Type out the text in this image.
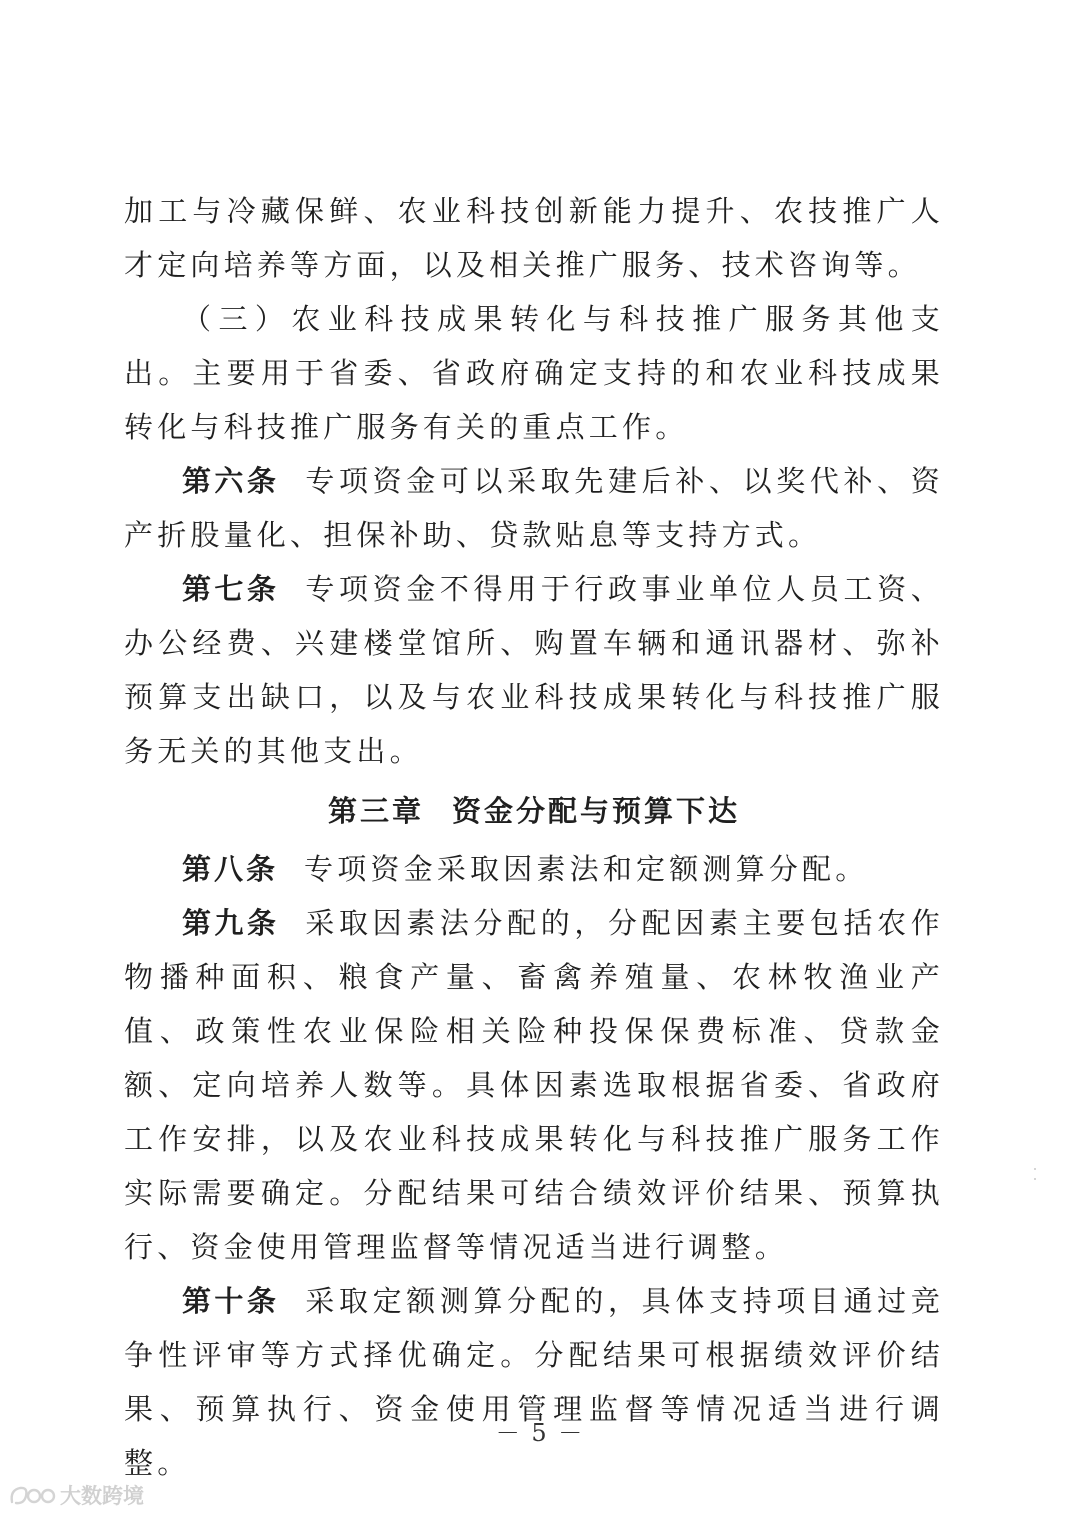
加工与冷藏保鲜、农业科技创新能力提升、农技推广人才定向培养等方面，以及相关推广服务、技术咨询等。

（三）农业科技成果转化与科技推广服务其他支出。主要用于省委、省政府确定支持的和农业科技成果转化与科技推广服务有关的重点工作。

第六条 专项资金可以采取先建后补、以奖代补、资产折股量化、担保补助、贷款贴息等支持方式。

第七条 专项资金不得用于行政事业单位人员工资、办公经费、兴建楼堂馆所、购置车辆和通讯器材、弥补预算支出缺口，以及与农业科技成果转化与科技推广服务无关的其他支出。

第三章 资金分配与预算下达

第八条 专项资金采取因素法和定额测算分配。

第九条 采取因素法分配的，分配因素主要包括农作物播种面积、粮食产量、畜禽养殖量、农林牧渔业产值、政策性农业保险相关险种投保保费标准、贷款金额、定向培养人数等。具体因素选取根据省委、省政府工作安排，以及农业科技成果转化与科技推广服务工作实际需要确定。分配结果可结合绩效评价结果、预算执行、资金使用管理监督等情况适当进行调整。

第十条 采取定额测算分配的，具体支持项目通过竞争性评审等方式择优确定。分配结果可根据绩效评价结果、预算执行、资金使用管理监督等情况适当进行调整。

－ 5 －
大数跨境
